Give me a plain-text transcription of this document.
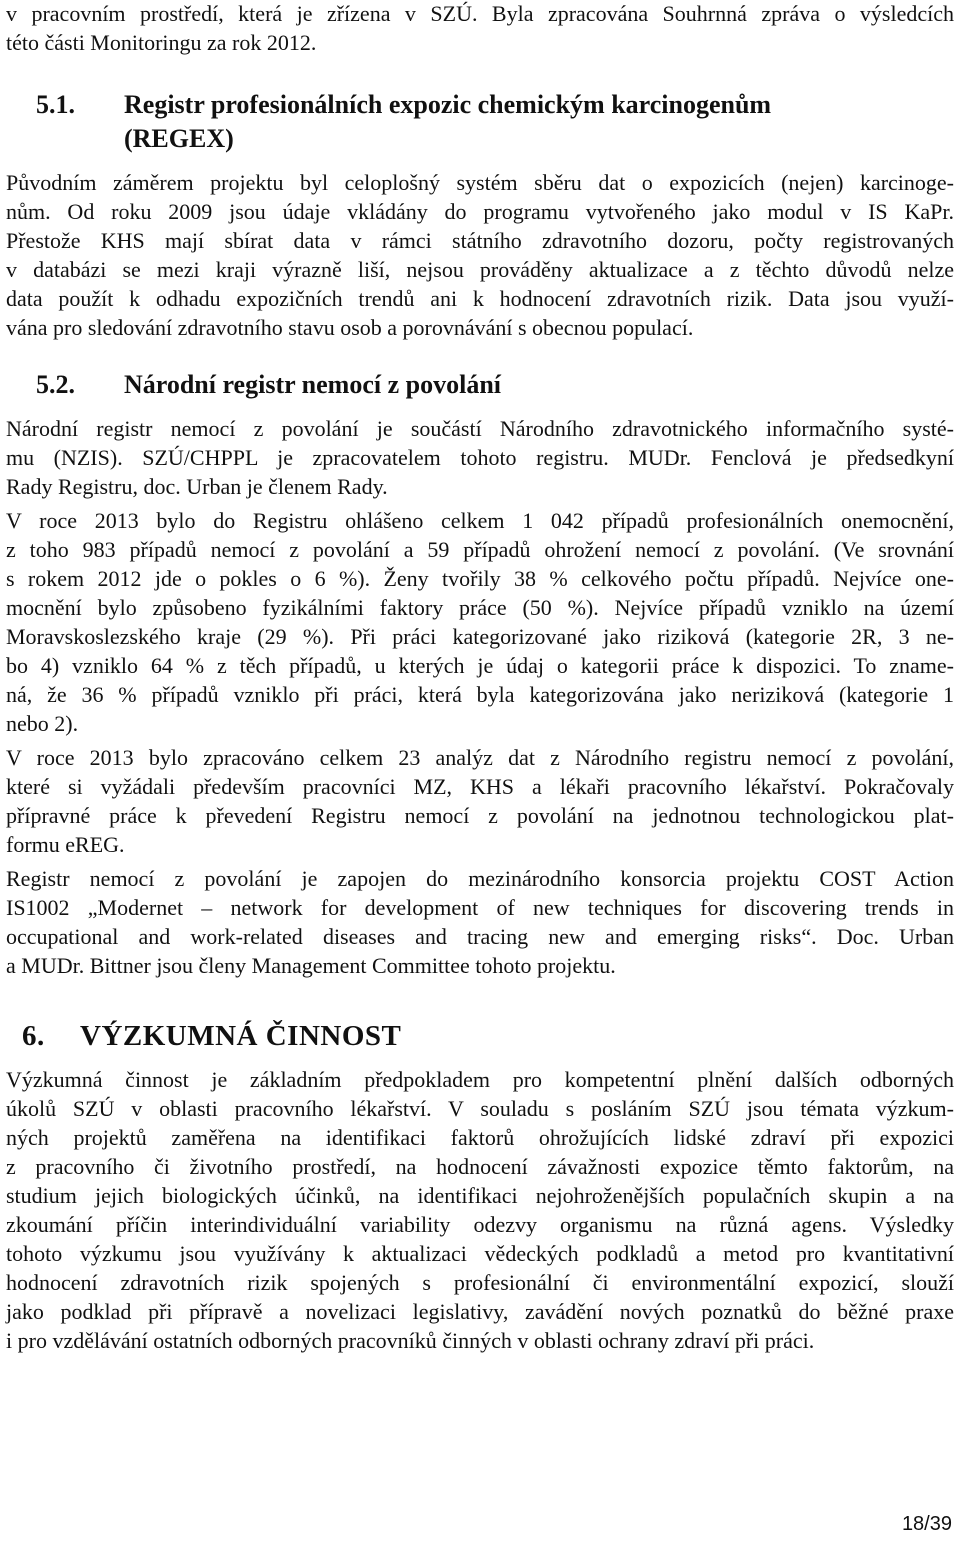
v pracovním prostředí, která je zřízena v SZÚ. Byla zpracována Souhrnná zpráva o výsledcích
této části Monitoringu za rok 2012.
5.1. Registr profesionálních expozic chemickým karcinogenům
(REGEX)
Původním záměrem projektu byl celoplošný systém sběru dat o expozicích (nejen) karcinoge-
nům. Od roku 2009 jsou údaje vkládány do programu vytvořeného jako modul v IS KaPr.
Přestože KHS mají sbírat data v rámci státního zdravotního dozoru, počty registrovaných
v databázi se mezi kraji výrazně liší, nejsou prováděny aktualizace a z těchto důvodů nelze
data použít k odhadu expozičních trendů ani k hodnocení zdravotních rizik. Data jsou využí-
vána pro sledování zdravotního stavu osob a porovnávání s obecnou populací.
5.2. Národní registr nemocí z povolání
Národní registr nemocí z povolání je součástí Národního zdravotnického informačního systé-
mu (NZIS). SZÚ/CHPPL je zpracovatelem tohoto registru. MUDr. Fenclová je předsedkyní
Rady Registru, doc. Urban je členem Rady.
V roce 2013 bylo do Registru ohlášeno celkem 1 042 případů profesionálních onemocnění,
z toho 983 případů nemocí z povolání a 59 případů ohrožení nemocí z povolání. (Ve srovnání
s rokem 2012 jde o pokles o 6 %). Ženy tvořily 38 % celkového počtu případů. Nejvíce one-
mocnění bylo způsobeno fyzikálními faktory práce (50 %). Nejvíce případů vzniklo na území
Moravskoslezského kraje (29 %). Při práci kategorizované jako riziková (kategorie 2R, 3 ne-
bo 4) vzniklo 64 % z těch případů, u kterých je údaj o kategorii práce k dispozici. To znamе-
ná, že 36 % případů vzniklo při práci, která byla kategorizována jako neriziková (kategorie 1
nebo 2).
V roce 2013 bylo zpracováno celkem 23 analýz dat z Národního registru nemocí z povolání,
které si vyžádali především pracovníci MZ, KHS a lékaři pracovního lékařství. Pokračovaly
přípravné práce k převedení Registru nemocí z povolání na jednotnou technologickou plat-
formu eREG.
Registr nemocí z povolání je zapojen do mezinárodního konsorcia projektu COST Action
IS1002 „Modernet – network for development of new techniques for discovering trends in
occupational and work-related diseases and tracing new and emerging risks“. Doc. Urban
a MUDr. Bittner jsou členy Management Committee tohoto projektu.
6. VÝZKUMNÁ ČINNOST
Výzkumná činnost je základním předpokladem pro kompetentní plnění dalších odborných
úkolů SZÚ v oblasti pracovního lékařství. V souladu s posláním SZÚ jsou témata výzkum-
ných projektů zaměřena na identifikaci faktorů ohrožujících lidské zdraví při expozici
z pracovního či životního prostředí, na hodnocení závažnosti expozice těmto faktorům, na
studium jejich biologických účinků, na identifikaci nejohroženějších populačních skupin a na
zkoumání příčin interindividuální variability odezvy organismu na různá agens. Výsledky
tohoto výzkumu jsou využívány k aktualizaci vědeckých podkladů a metod pro kvantitativní
hodnocení zdravotních rizik spojených s profesionální či environmentální expozicí, slouží
jako podklad při přípravě a novelizaci legislativy, zavádění nových poznatků do běžné praxe
i pro vzdělávání ostatních odborných pracovníků činných v oblasti ochrany zdraví při práci.
18/39
